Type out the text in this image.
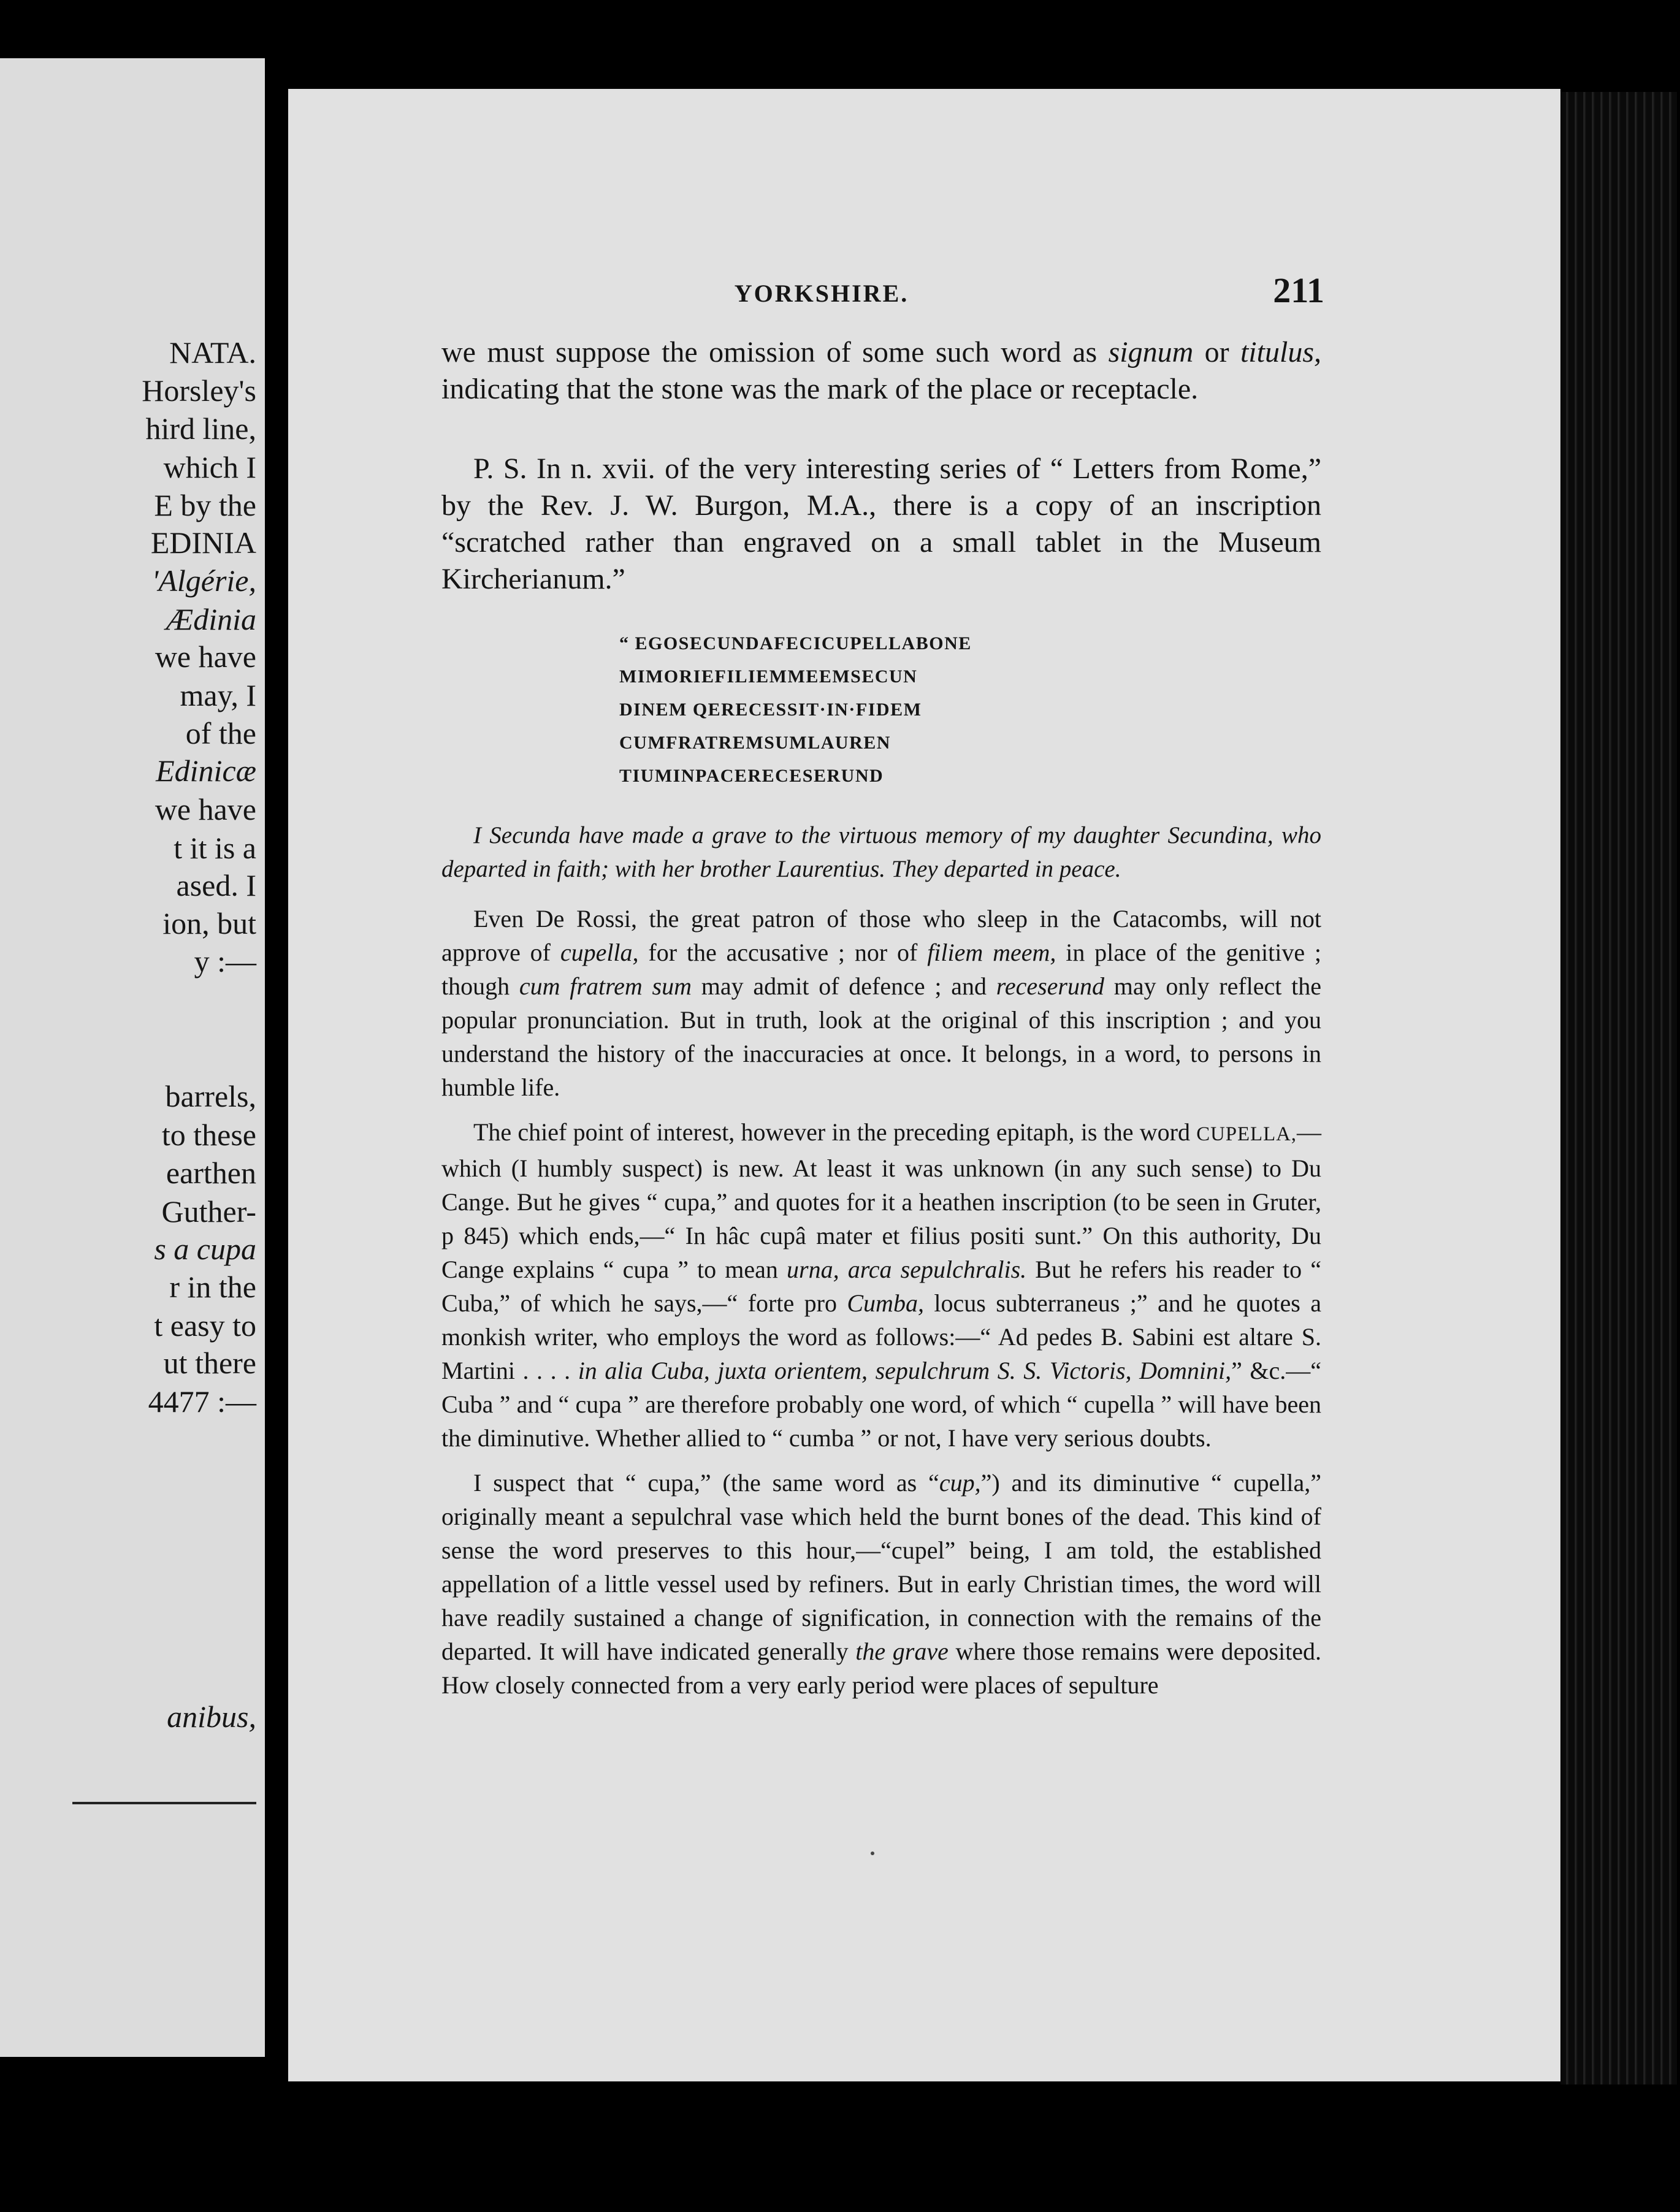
NATA.
Horsley's
hird line,
which I
E by the
EDINIA
'Algérie,
Ædinia
we have
may, I
of the
Edinicæ
we have
t it is a
ased. I
ion, but
y :—
barrels,
to these
earthen
Guther-
s a cupa
r in the
t easy to
ut there
4477 :—
anibus,
YORKSHIRE.	211

we must suppose the omission of some such word as signum or titulus, indicating that the stone was the mark of the place or receptacle.

P. S. In n. xvii. of the very interesting series of “ Letters from Rome,” by the Rev. J. W. Burgon, M.A., there is a copy of an inscription “scratched rather than engraved on a small tablet in the Museum Kircherianum.”

“ EGOSECUNDAFECICUPELLABONE
MIMORIEFILIEMMEEMSECUN
DINEM QERECESSIT·IN·FIDEM
CUMFRATREMSUMLAUREN
TIUMINPACERECESERUND

I Secunda have made a grave to the virtuous memory of my daughter Secundina, who departed in faith; with her brother Laurentius. They departed in peace.

Even De Rossi, the great patron of those who sleep in the Catacombs, will not approve of cupella, for the accusative ; nor of filiem meem, in place of the genitive ; though cum fratrem sum may admit of defence ; and receserund may only reflect the popular pronunciation. But in truth, look at the original of this inscription ; and you understand the history of the inaccuracies at once. It belongs, in a word, to persons in humble life.

The chief point of interest, however in the preceding epitaph, is the word CUPELLA,—which (I humbly suspect) is new. At least it was unknown (in any such sense) to Du Cange. But he gives “ cupa,” and quotes for it a heathen inscription (to be seen in Gruter, p 845) which ends,—“ In hâc cupâ mater et filius positi sunt.” On this authority, Du Cange explains “ cupa ” to mean urna, arca sepulchralis. But he refers his reader to “ Cuba,” of which he says,—“ forte pro Cumba, locus subterraneus ;” and he quotes a monkish writer, who employs the word as follows:—“ Ad pedes B. Sabini est altare S. Martini . . . . in alia Cuba, juxta orientem, sepulchrum S. S. Victoris, Domnini,” &c.—“ Cuba ” and “ cupa ” are therefore probably one word, of which “ cupella ” will have been the diminutive. Whether allied to “ cumba ” or not, I have very serious doubts.

I suspect that “ cupa,” (the same word as “cup,”) and its diminutive “ cupella,” originally meant a sepulchral vase which held the burnt bones of the dead. This kind of sense the word preserves to this hour,—“cupel” being, I am told, the established appellation of a little vessel used by refiners. But in early Christian times, the word will have readily sustained a change of signification, in connection with the remains of the departed. It will have indicated generally the grave where those remains were deposited. How closely connected from a very early period were places of sepulture
